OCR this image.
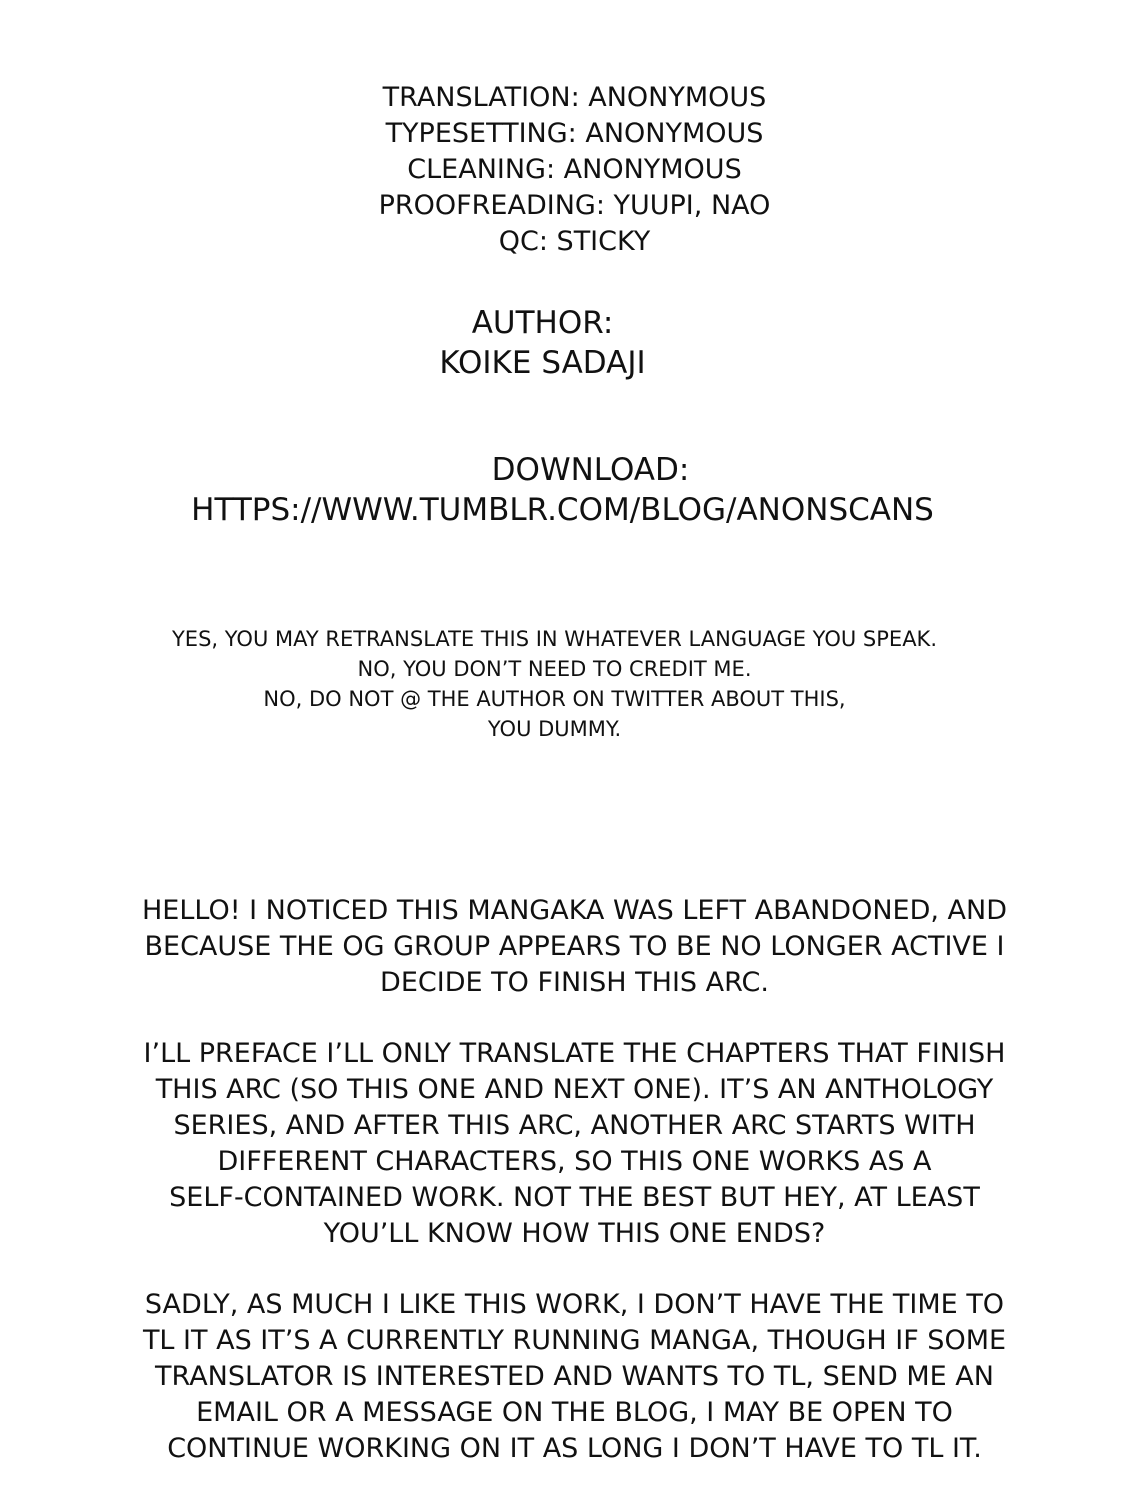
TRANSLATION: ANONYMOUS
TYPESETTING: ANONYMOUS
CLEANING: ANONYMOUS
PROOFREADING: YUUPI, NAO
QC: STICKY
AUTHOR:
KOIKE SADAJI
DOWNLOAD:
HTTPS://WWW.TUMBLR.COM/BLOG/ANONSCANS
YES, YOU MAY RETRANSLATE THIS IN WHATEVER LANGUAGE YOU SPEAK.
NO, YOU DON’T NEED TO CREDIT ME.
NO, DO NOT @ THE AUTHOR ON TWITTER ABOUT THIS,
YOU DUMMY.
HELLO! I NOTICED THIS MANGAKA WAS LEFT ABANDONED, AND
BECAUSE THE OG GROUP APPEARS TO BE NO LONGER ACTIVE I
DECIDE TO FINISH THIS ARC.
I’LL PREFACE I’LL ONLY TRANSLATE THE CHAPTERS THAT FINISH
THIS ARC (SO THIS ONE AND NEXT ONE). IT’S AN ANTHOLOGY
SERIES, AND AFTER THIS ARC, ANOTHER ARC STARTS WITH
DIFFERENT CHARACTERS, SO THIS ONE WORKS AS A
SELF-CONTAINED WORK. NOT THE BEST BUT HEY, AT LEAST
YOU’LL KNOW HOW THIS ONE ENDS?
SADLY, AS MUCH I LIKE THIS WORK, I DON’T HAVE THE TIME TO
TL IT AS IT’S A CURRENTLY RUNNING MANGA, THOUGH IF SOME
TRANSLATOR IS INTERESTED AND WANTS TO TL, SEND ME AN
EMAIL OR A MESSAGE ON THE BLOG, I MAY BE OPEN TO
CONTINUE WORKING ON IT AS LONG I DON’T HAVE TO TL IT.
